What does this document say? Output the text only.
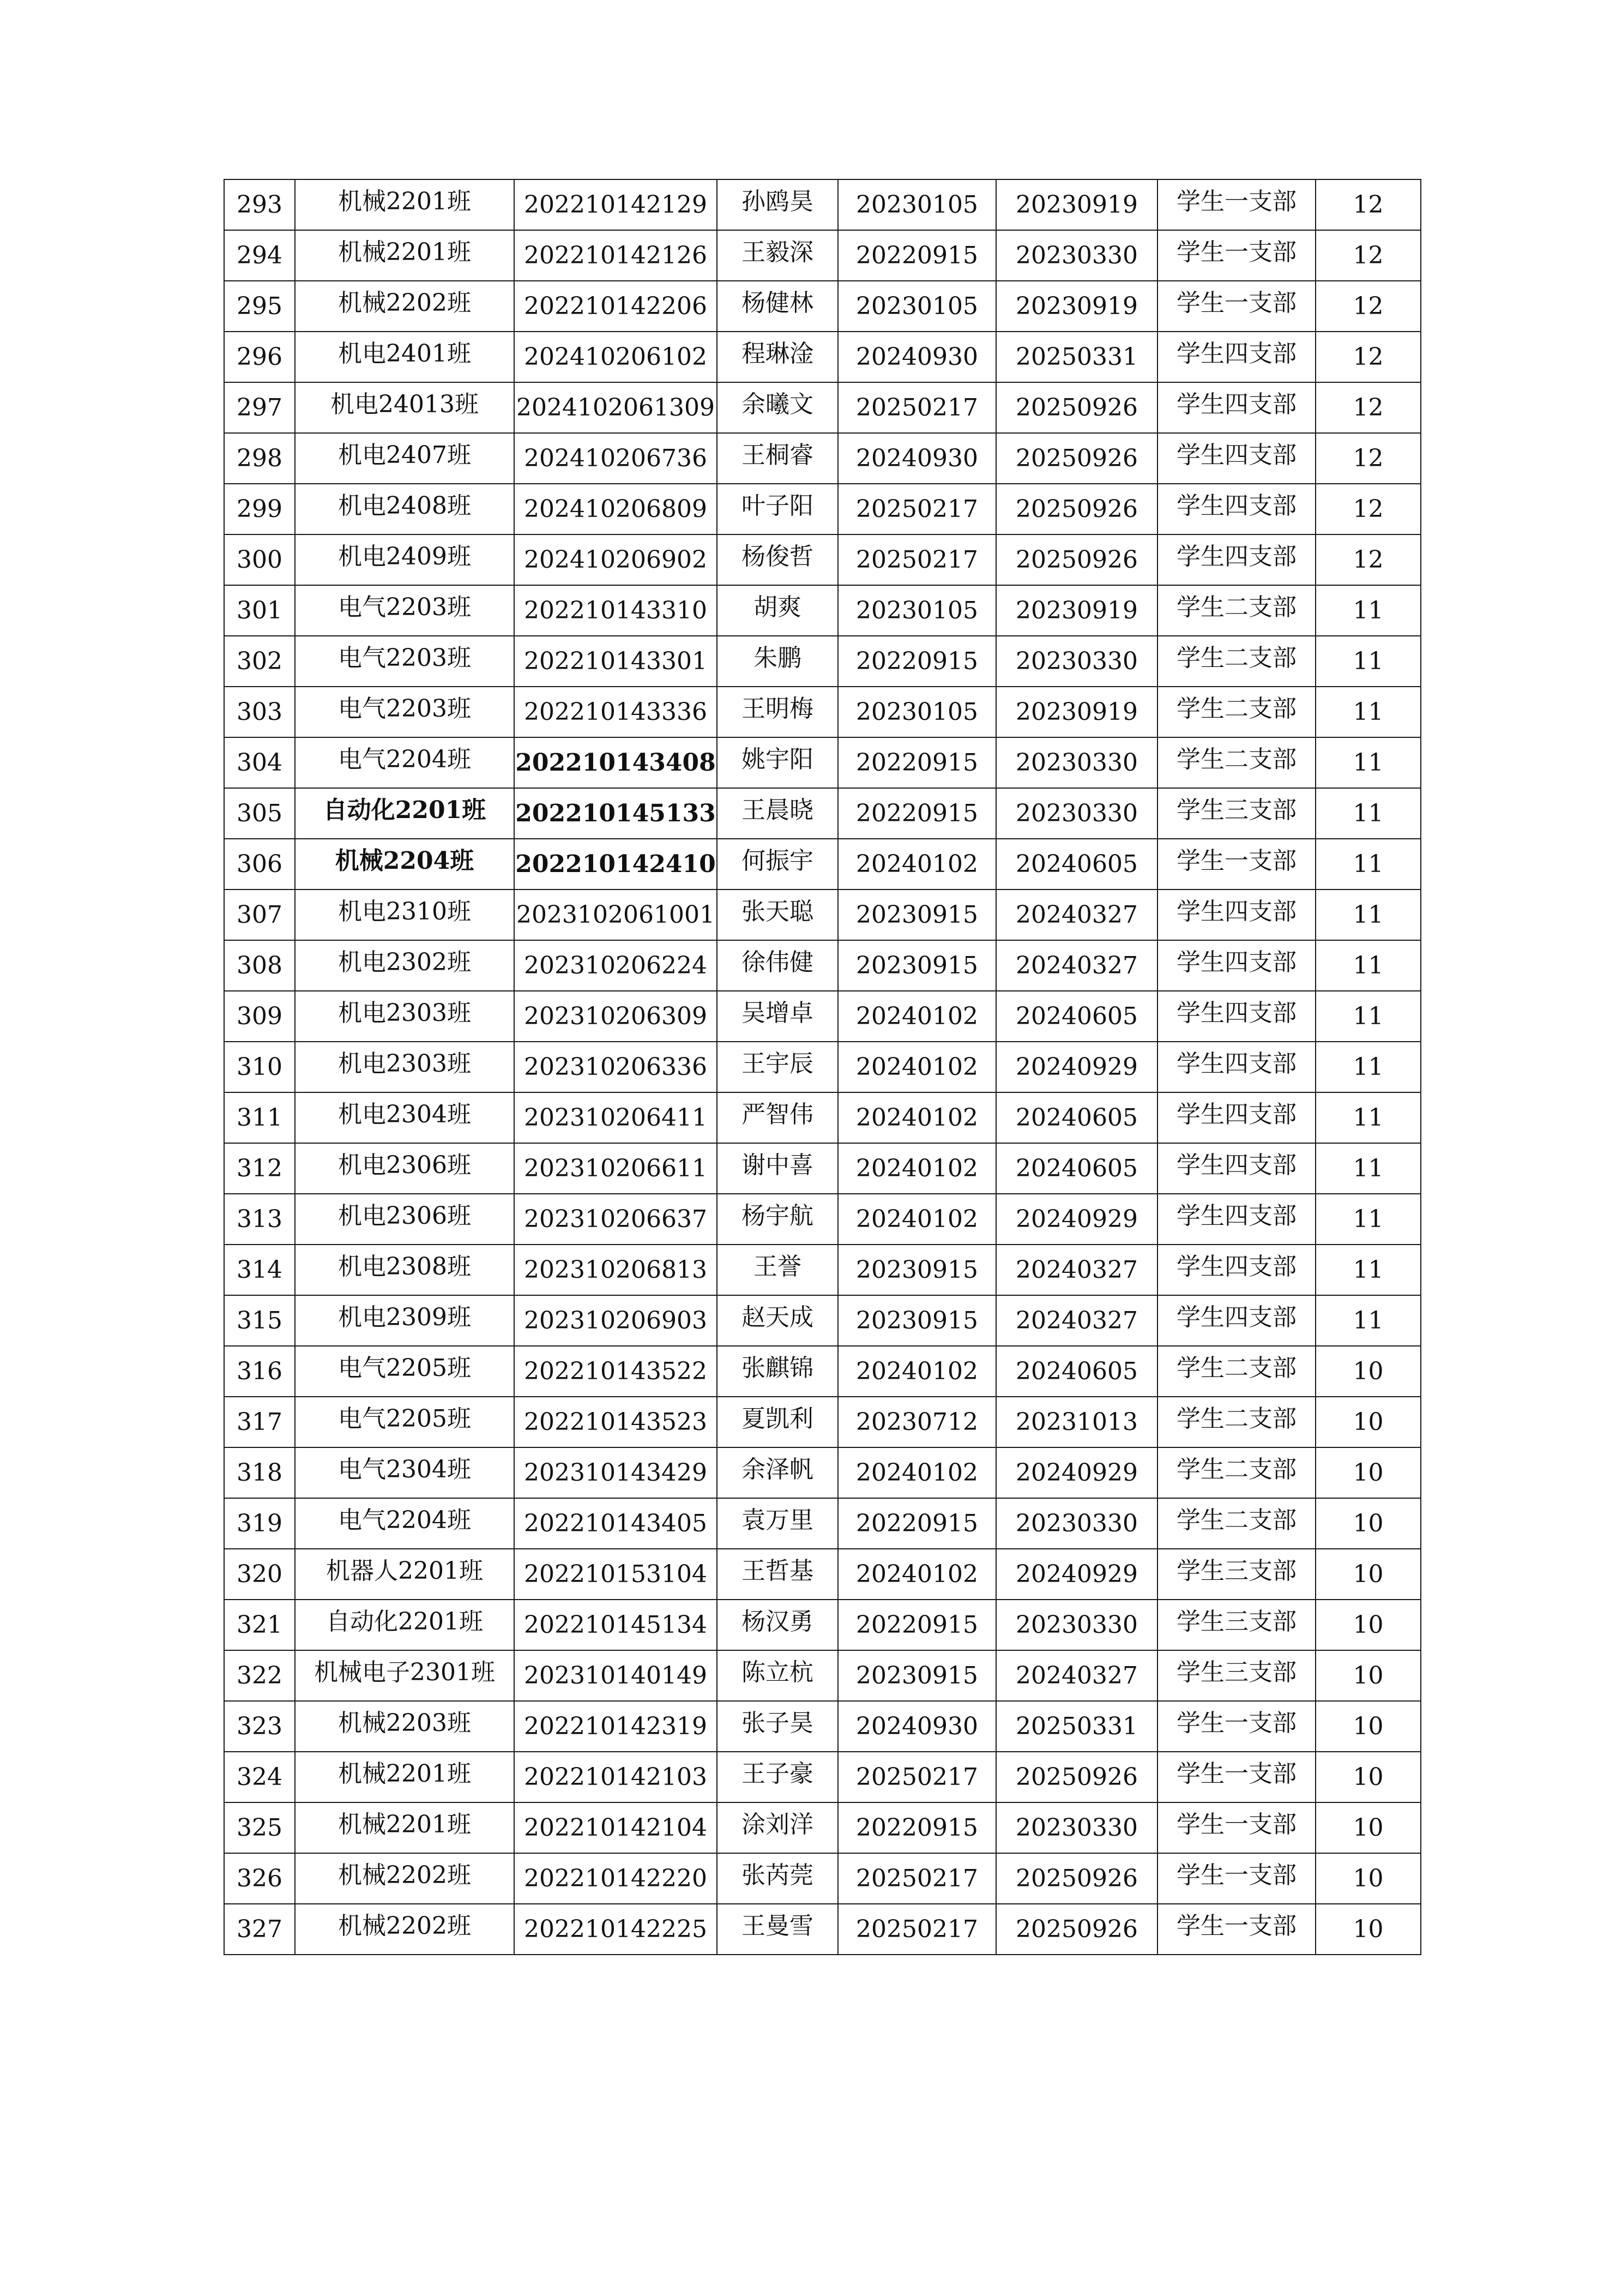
293	机械2201班	202210142129	孙鸥昊	20230105	20230919	学生一支部	12
294	机械2201班	202210142126	王毅深	20220915	20230330	学生一支部	12
295	机械2202班	202210142206	杨健林	20230105	20230919	学生一支部	12
296	机电2401班	202410206102	程琳淦	20240930	20250331	学生四支部	12
297	机电24013班	2024102061309	余曦文	20250217	20250926	学生四支部	12
298	机电2407班	202410206736	王桐睿	20240930	20250926	学生四支部	12
299	机电2408班	202410206809	叶子阳	20250217	20250926	学生四支部	12
300	机电2409班	202410206902	杨俊哲	20250217	20250926	学生四支部	12
301	电气2203班	202210143310	胡爽	20230105	20230919	学生二支部	11
302	电气2203班	202210143301	朱鹏	20220915	20230330	学生二支部	11
303	电气2203班	202210143336	王明梅	20230105	20230919	学生二支部	11
304	电气2204班	202210143408	姚宇阳	20220915	20230330	学生二支部	11
305	自动化2201班	202210145133	王晨晓	20220915	20230330	学生三支部	11
306	机械2204班	202210142410	何振宇	20240102	20240605	学生一支部	11
307	机电2310班	2023102061001	张天聪	20230915	20240327	学生四支部	11
308	机电2302班	202310206224	徐伟健	20230915	20240327	学生四支部	11
309	机电2303班	202310206309	吴增卓	20240102	20240605	学生四支部	11
310	机电2303班	202310206336	王宇辰	20240102	20240929	学生四支部	11
311	机电2304班	202310206411	严智伟	20240102	20240605	学生四支部	11
312	机电2306班	202310206611	谢中喜	20240102	20240605	学生四支部	11
313	机电2306班	202310206637	杨宇航	20240102	20240929	学生四支部	11
314	机电2308班	202310206813	王誉	20230915	20240327	学生四支部	11
315	机电2309班	202310206903	赵天成	20230915	20240327	学生四支部	11
316	电气2205班	202210143522	张麒锦	20240102	20240605	学生二支部	10
317	电气2205班	202210143523	夏凯利	20230712	20231013	学生二支部	10
318	电气2304班	202310143429	余泽帆	20240102	20240929	学生二支部	10
319	电气2204班	202210143405	袁万里	20220915	20230330	学生二支部	10
320	机器人2201班	202210153104	王哲基	20240102	20240929	学生三支部	10
321	自动化2201班	202210145134	杨汉勇	20220915	20230330	学生三支部	10
322	机械电子2301班	202310140149	陈立杭	20230915	20240327	学生三支部	10
323	机械2203班	202210142319	张子昊	20240930	20250331	学生一支部	10
324	机械2201班	202210142103	王子豪	20250217	20250926	学生一支部	10
325	机械2201班	202210142104	涂刘洋	20220915	20230330	学生一支部	10
326	机械2202班	202210142220	张芮莞	20250217	20250926	学生一支部	10
327	机械2202班	202210142225	王曼雪	20250217	20250926	学生一支部	10
